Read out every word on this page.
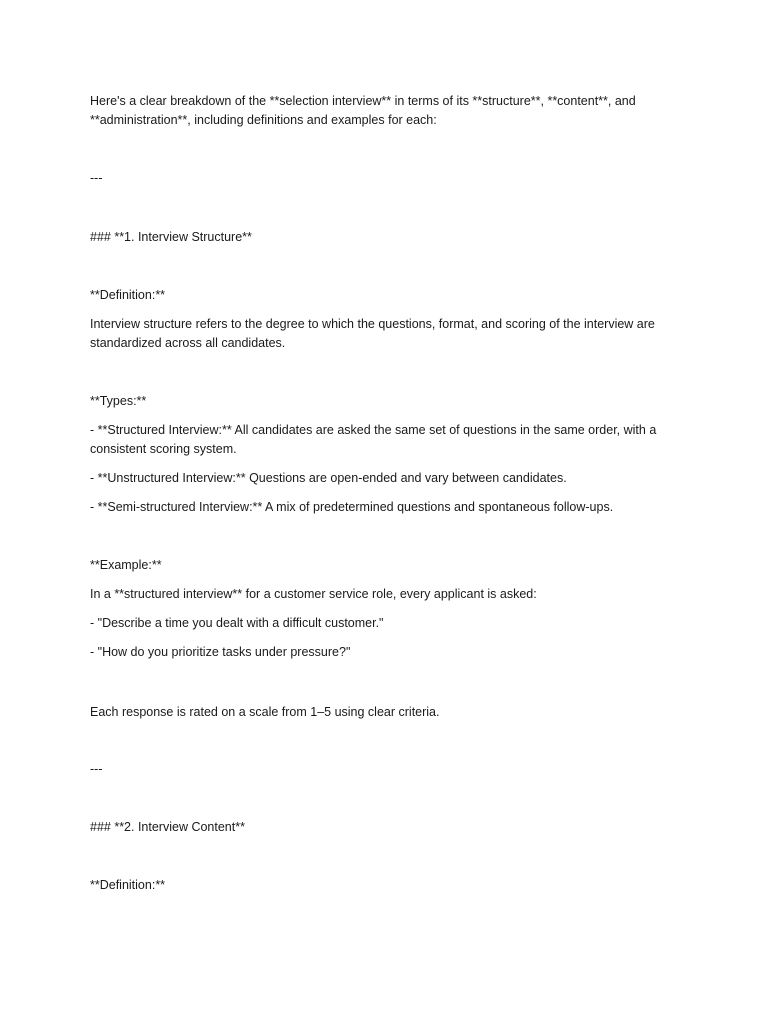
Here's a clear breakdown of the **selection interview** in terms of its **structure**, **content**, and

**administration**, including definitions and examples for each:

---

### **1. Interview Structure**

**Definition:**

Interview structure refers to the degree to which the questions, format, and scoring of the interview are

standardized across all candidates.

**Types:**

- **Structured Interview:** All candidates are asked the same set of questions in the same order, with a

consistent scoring system.

- **Unstructured Interview:** Questions are open-ended and vary between candidates.

- **Semi-structured Interview:** A mix of predetermined questions and spontaneous follow-ups.

**Example:**

In a **structured interview** for a customer service role, every applicant is asked:

- "Describe a time you dealt with a difficult customer."

- "How do you prioritize tasks under pressure?"

Each response is rated on a scale from 1–5 using clear criteria.

---

### **2. Interview Content**

**Definition:**
